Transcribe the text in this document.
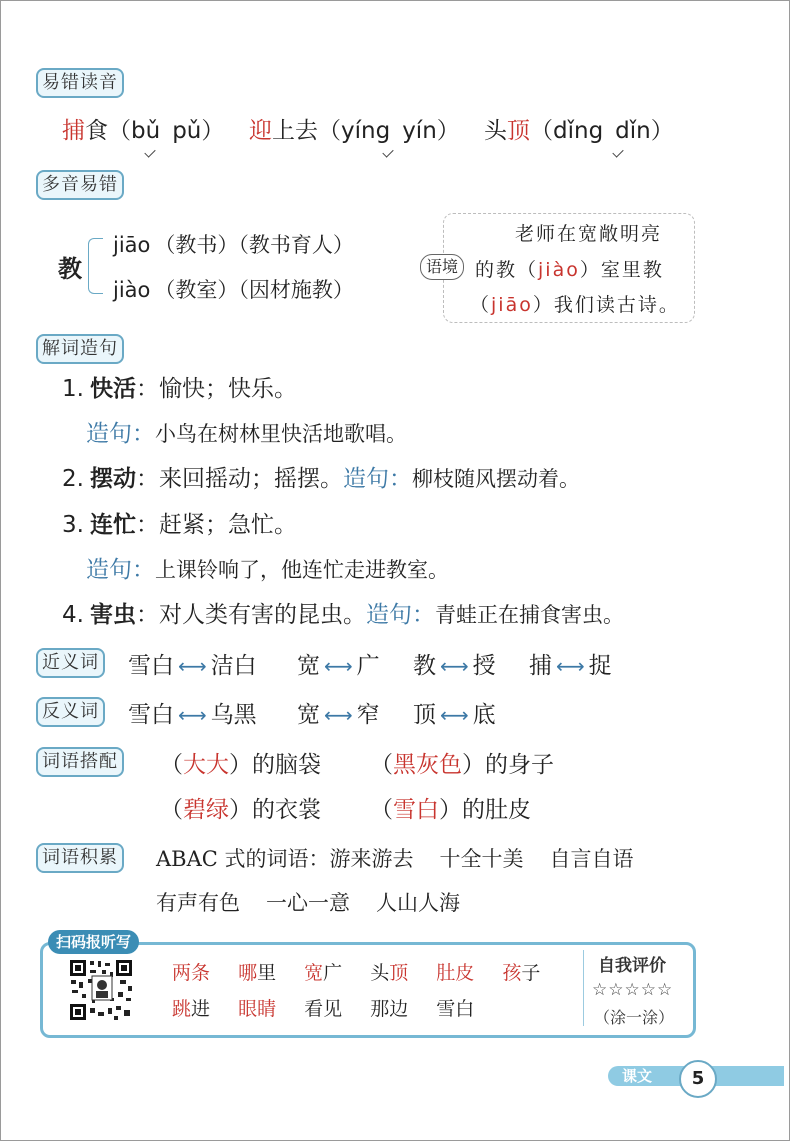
易错读音
捕食（bǔ pǔ）
迎上去（yíng yín）
头顶（dǐng dǐn）
多音易错
教
jiāo （教书）（教书育人）
jiào （教室）（因材施教）
语境
老师在宽敞明亮
的教（jiào）室里教
（jiāo）我们读古诗。
解词造句
1. 快活：愉快；快乐。
造句：小鸟在树林里快活地歌唱。
2. 摆动：来回摇动；摇摆。造句：柳枝随风摆动着。
3. 连忙：赶紧；急忙。
造句：上课铃响了，他连忙走进教室。
4. 害虫：对人类有害的昆虫。造句：青蛙正在捕食害虫。
近义词 雪白 ⟷ 洁白 宽 ⟷ 广 教 ⟷ 授 捕 ⟷ 捉
反义词 雪白 ⟷ 乌黑 宽 ⟷ 窄 顶 ⟷ 底
词语搭配 （大大）的脑袋 （黑灰色）的身子
（碧绿）的衣裳 （雪白）的肚皮
词语积累 ABAC 式的词语：游来游去 十全十美 自言自语
有声有色 一心一意 人山人海
扫码报听写
两条 哪里 宽广 头顶 肚皮 孩子
跳进 眼睛 看见 那边 雪白
自我评价
☆☆☆☆☆
（涂一涂）
课文	5
